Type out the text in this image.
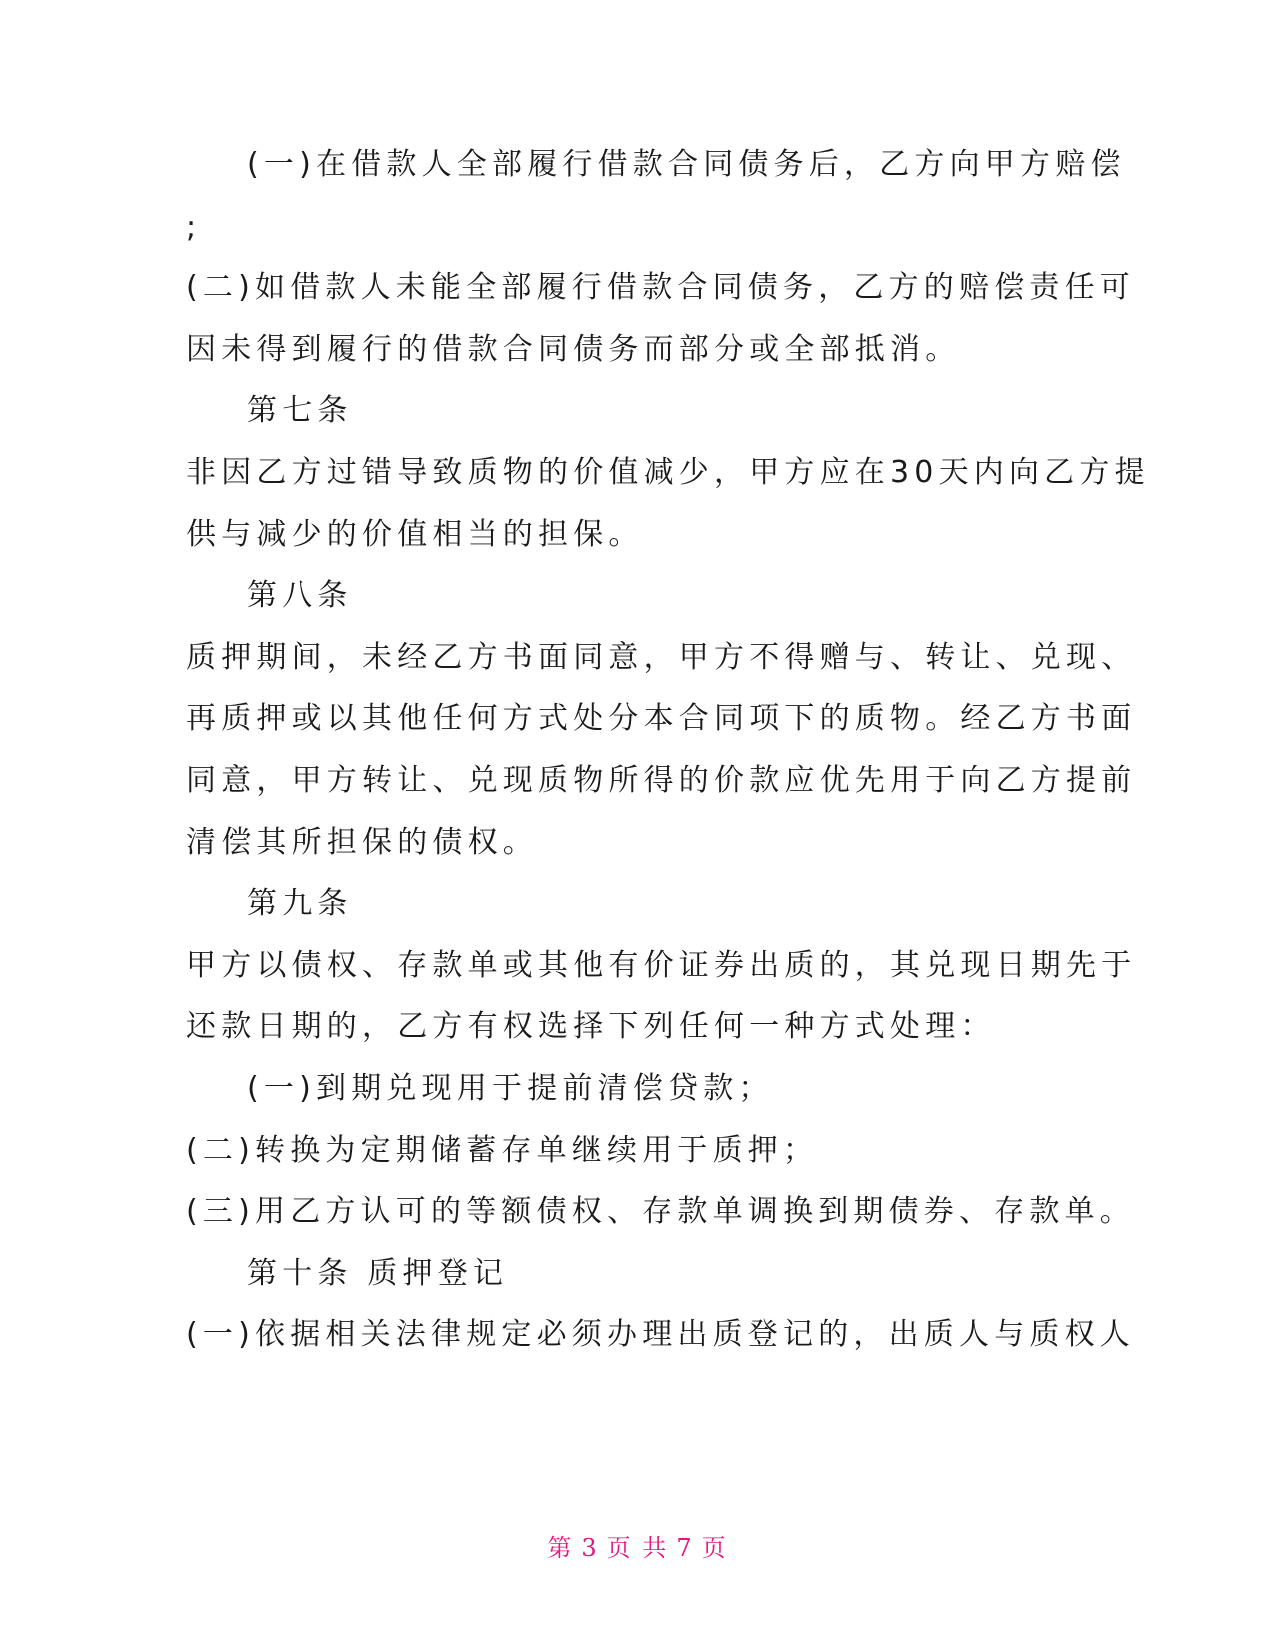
(一)在借款人全部履行借款合同债务后，乙方向甲方赔偿
;
(二)如借款人未能全部履行借款合同债务，乙方的赔偿责任可
因未得到履行的借款合同债务而部分或全部抵消。
第七条
非因乙方过错导致质物的价值减少，甲方应在30天内向乙方提
供与减少的价值相当的担保。
第八条
质押期间，未经乙方书面同意，甲方不得赠与、转让、兑现、
再质押或以其他任何方式处分本合同项下的质物。经乙方书面
同意，甲方转让、兑现质物所得的价款应优先用于向乙方提前
清偿其所担保的债权。
第九条
甲方以债权、存款单或其他有价证券出质的，其兑现日期先于
还款日期的，乙方有权选择下列任何一种方式处理：
(一)到期兑现用于提前清偿贷款；
(二)转换为定期储蓄存单继续用于质押；
(三)用乙方认可的等额债权、存款单调换到期债券、存款单。
第十条 质押登记
(一)依据相关法律规定必须办理出质登记的，出质人与质权人
第 3 页 共 7 页
